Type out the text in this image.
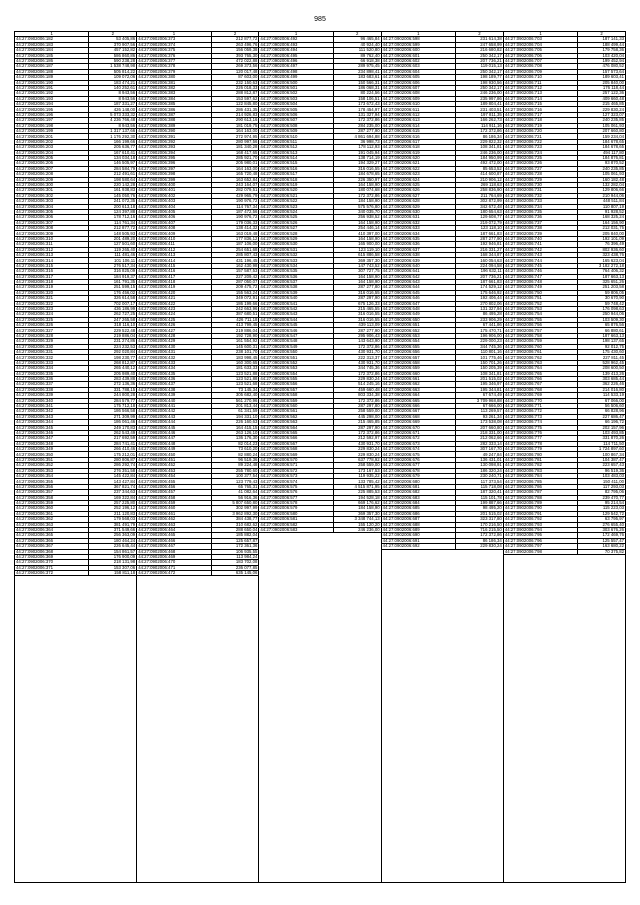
985
1	2
44:27:0902006:182	53 405,86
44:27:0902006:183	370 907,56
44:27:0902006:184	457 152,82
44:27:0902006:185	586 860,86
44:27:0902006:186	590 238,28
44:27:0902006:187	1 538 748,98
44:27:0902006:188	505 814,22
44:27:0902006:189	109 072,06
44:27:0902006:190	183 474,21
44:27:0902006:191	140 252,61
44:27:0902006:192	8 943,56
44:27:0902006:193	8 943,56
44:27:0902006:194	187 331,27
44:27:0902006:195	426 148,00
44:27:0902006:196	5 073 333,32
44:27:0902006:197	4 236 766,48
44:27:0902006:198	8 943,56
44:27:0902006:199	1 317 137,66
44:27:0902006:201	1 176 292,30
44:27:0902006:202	166 199,66
44:27:0902006:203	205 636,77
44:27:0902006:204	167 610,41
44:27:0902006:205	134 034,18
44:27:0902006:206	146 505,97
44:27:0902006:207	284 584,79
44:27:0902006:208	212 491,61
44:27:0902006:209	198 580,64
44:27:0902006:300	220 142,28
44:27:0902006:301	161 938,83
44:27:0902006:302	145 050,76
44:27:0902006:303	241 072,35
44:27:0902006:304	200 613,18
44:27:0902006:305	124 397,88
44:27:0902006:306	178 712,16
44:27:0902006:307	114 761,34
44:27:0902006:308	212 877,72
44:27:0902006:309	148 505,93
44:27:0902006:310	201 489,20
44:27:0902006:311	127 501,60
44:27:0902006:312	119 265,40
44:27:0902006:313	111 481,46
44:27:0902006:314	101 106,11
44:27:0902006:315	276 517,34
44:27:0902006:316	316 825,09
44:27:0902006:317	184 919,37
44:27:0902006:318	161 791,35
44:27:0902006:319	251 599,15
44:27:0902006:320	176 456,02
44:27:0902006:321	326 614,58
44:27:0902006:322	702 007,17
44:27:0902006:323	436 186,99
44:27:0902006:324	262 727,25
44:27:0902006:325	247 265,58
44:27:0902006:326	318 116,10
44:27:0902006:327	229 522,48
44:27:0902006:328	219 886,04
44:27:0902006:329	231 274,86
44:27:0902006:330	224 232,53
44:27:0902006:331	292 020,84
44:27:0902006:332	198 230,77
44:27:0902006:333	268 812,87
44:27:0902006:334	265 440,12
44:27:0902006:335	205 989,40
44:27:0902006:336	283 439,88
44:27:0902006:337	272 136,36
44:27:0902006:338	331 788,15
44:27:0902006:339	244 800,28
44:27:0902006:340	284 579,77
44:27:0902006:341	175 712,18
44:27:0902006:342	186 566,58
44:27:0902006:343	271 309,99
44:27:0902006:344	186 061,46
44:27:0902006:345	249 170,83
44:27:0902006:346	262 543,49
44:27:0902006:347	217 692,59
44:27:0902006:348	284 741,41
44:27:0902006:349	266 410,46
44:27:0902006:350	175 212,01
44:27:0902006:351	280 806,87
44:27:0902006:352	286 292,74
44:27:0902006:353	276 351,58
44:27:0902006:354	145 422,84
44:27:0902006:355	143 427,84
44:27:0902006:356	367 821,74
44:27:0902006:357	237 344,63
44:27:0902006:358	169 322,84
44:27:0902006:359	257 225,80
44:27:0902006:360	252 196,12
44:27:0902006:361	211 120,83
44:27:0902006:362	179 568,03
44:27:0902006:363	381 491,79
44:27:0902006:364	371 549,66
44:27:0902006:365	256 363,09
44:27:0902006:366	180 464,24
44:27:0902006:367	226 645,44
44:27:0902006:368	154 861,57
44:27:0902006:369	176 900,09
44:27:0902006:370	218 131,98
44:27:0902006:371	153 307,06
44:27:0902006:372	158 811,18
1	2
44:27:0902006:373	212 877,72
44:27:0902006:374	263 496,76
44:27:0902006:375	156 059,38
44:27:0902006:376	393 765,30
44:27:0902006:377	472 022,88
44:27:0902006:378	269 373,56
44:27:0902006:379	120 017,48
44:27:0902006:380	87 603,00
44:27:0902006:381	232 150,63
44:27:0902006:382	226 018,33
44:27:0902006:383	288 812,87
44:27:0902006:384	153 597,62
44:27:0902006:385	122 845,80
44:27:0902006:386	286 431,35
44:27:0902006:387	214 926,83
44:27:0902006:388	290 613,16
44:27:0902006:389	181 019,75
44:27:0902006:390	164 163,00
44:27:0902006:391	272 974,95
44:27:0902006:392	280 997,56
44:27:0902006:393	181 340,28
44:27:0902006:394	168 417,65
44:27:0902006:395	285 921,70
44:27:0902006:396	205 980,01
44:27:0902006:397	164 163,00
44:27:0902006:398	165 720,48
44:27:0902006:399	163 652,84
44:27:0902006:400	243 164,07
44:27:0902006:401	282 079,51
44:27:0902006:402	429 965,79
44:27:0902006:403	190 976,72
44:27:0902006:404	114 767,34
44:27:0902006:405	187 472,56
44:27:0902006:406	190 976,72
44:27:0902006:407	179 036,33
44:27:0902006:408	138 414,32
44:27:0902006:409	163 019,48
44:27:0902006:410	177 836,12
44:27:0902006:411	187 106,00
44:27:0902006:412	254 651,68
44:27:0902006:413	285 807,43
44:27:0902006:414	431 196,45
44:27:0902006:415	162 430,98
44:27:0902006:416	157 587,53
44:27:0902006:417	227 209,42
44:27:0902006:418	287 050,07
44:27:0902006:419	209 475,72
44:27:0902006:420	155 563,24
44:27:0902006:421	349 072,91
44:27:0902006:422	186 199,66
44:27:0902006:423	242 663,96
44:27:0902006:424	387 680,51
44:27:0902006:425	426 711,18
44:27:0902006:426	413 799,45
44:27:0902006:427	219 886,04
44:27:0902006:428	192 728,90
44:27:0902006:429	161 554,92
44:27:0902006:430	145 600,31
44:27:0902006:431	238 101,70
44:27:0902006:432	183 998,45
44:27:0902006:433	160 300,65
44:27:0902006:434	181 633,33
44:27:0902006:435	123 521,88
44:27:0902006:436	123 521,88
44:27:0902006:437	123 521,68
44:27:0902006:438	73 145,34
44:27:0902006:439	305 682,40
44:27:0902006:440	561 270,96
44:27:0902006:441	201 813,44
44:27:0902006:442	61 341,59
44:27:0902006:443	194 331,10
44:27:0902006:444	226 160,63
44:27:0902006:445	164 415,15
44:27:0902006:446	263 126,10
44:27:0902006:447	136 176,30
44:27:0902006:448	82 014,23
44:27:0902006:449	73 610,20
44:27:0902006:450	82 880,24
44:27:0902006:451	96 519,36
44:27:0902006:452	89 224,48
44:27:0902006:453	255 780,60
44:27:0902006:454	100 377,54
44:27:0902006:455	123 779,43
44:27:0902006:456	65 765,31
44:27:0902006:457	41 082,64
44:27:0902006:458	56 916,36
44:27:0902006:459	5 807 650,80
44:27:0902006:460	302 997,99
44:27:0902006:461	3 962 892,30
44:27:0902006:462	384 438,77
44:27:0902006:463	310 682,62
44:27:0902006:464	288 650,04
44:27:0902006:465	185 882,04
44:27:0902006:466	125 657,87
44:27:0902006:467	172 361,36
44:27:0902006:468	106 935,55
44:27:0902006:469	113 984,24
44:27:0902006:470	183 702,08
44:27:0902006:471	236 077,85
44:27:0902006:472	635 145,06
1	2
44:27:0902006:492	96 465,84
44:27:0902006:493	40 924,40
44:27:0902006:494	111 520,80
44:27:0902006:495	89 762,40
44:27:0902006:496	66 918,38
44:27:0902006:497	289 975,45
44:27:0902006:498	234 898,41
44:27:0902006:499	183 683,61
44:27:0902006:500	150 566,31
44:27:0902006:501	186 068,31
44:27:0902006:502	80 224,56
44:27:0902006:503	158 106,51
44:27:0902006:504	173 672,43
44:27:0902006:505	178 454,97
44:27:0902006:506	131 327,94
44:27:0902006:507	172 372,86
44:27:0902006:508	284 235,00
44:27:0902006:509	287 277,90
44:27:0902006:510	4 861 694,88
44:27:0902006:511	36 998,73
44:27:0902006:512	178 112,93
44:27:0902006:513	191 045,94
44:27:0902006:514	138 714,19
44:27:0902006:515	194 329,27
44:27:0902006:516	316 016,55
44:27:0902006:517	184 678,65
44:27:0902006:518	226 350,97
44:27:0902006:519	164 158,90
44:27:0902006:520	180 074,68
44:27:0902006:521	172 372,86
44:27:0902006:522	184 158,90
44:27:0902006:523	575 576,80
44:27:0902006:524	340 035,70
44:27:0902006:525	256 938,52
44:27:0902006:526	164 158,90
44:27:0902006:527	254 446,14
44:27:0902006:528	410 397,00
44:27:0902006:529	164 158,90
44:27:0902006:530	165 900,00
44:27:0902006:531	123 119,10
44:27:0902006:532	615 886,58
44:27:0902006:533	369 357,30
44:27:0902006:534	147 743,52
44:27:0902006:535	307 727,75
44:27:0902006:536	164 158,90
44:27:0902006:537	164 158,90
44:27:0902006:538	287 277,80
44:27:0902006:539	316 016,55
44:27:0902006:540	287 297,90
44:27:0902006:541	675 126,33
44:27:0902006:542	215 465,55
44:27:0902006:543	316 016,55
44:27:0902006:544	316 016,55
44:27:0902006:545	439 113,09
44:27:0902006:546	287 277,90
44:27:0902006:547	295 906,43
44:27:0902006:548	143 643,90
44:27:0902006:549	172 372,86
44:27:0902006:550	430 931,70
44:27:0902006:551	222 313,37
44:27:0902006:552	430 931,70
44:27:0902006:553	344 745,36
44:27:0902006:554	172 372,86
44:27:0902006:555	229 830,24
44:27:0902006:556	514 245,16
44:27:0902006:557	459 660,48
44:27:0902006:558	803 334,38
44:27:0902006:559	172 372,86
44:27:0902006:560	287 297,80
44:27:0902006:561	258 559,00
44:27:0902006:562	445 298,00
44:27:0902006:563	215 465,85
44:27:0902006:564	287 297,90
44:27:0902006:565	172 372,86
44:27:0902006:566	212 592,97
44:27:0902006:567	430 931,70
44:27:0902006:568	229 830,24
44:27:0902006:569	229 830,24
44:27:0902006:570	637 778,92
44:27:0902006:571	258 559,00
44:27:0902006:572	173 167,53
44:27:0902006:573	119 935,22
44:27:0902006:574	133 785,42
44:27:0902006:575	4 515 871,95
44:27:0902006:576	225 885,53
44:27:0902006:577	194 528,18
44:27:0902006:578	669 176,62
44:27:0902006:579	184 158,90
44:27:0902006:580	369 357,30
44:27:0902006:581	3 348 744,13
44:27:0902006:582	155 120,20
44:27:0902006:583	246 236,00
1	2
44:27:0902006:598	231 614,38
44:27:0902006:599	247 658,99
44:27:0902006:600	216 680,82
44:27:0902006:601	250 342,17
44:27:0902006:602	207 736,21
44:27:0902006:603	119 015,13
44:27:0902006:604	250 342,17
44:27:0902006:605	198 189,77
44:27:0902006:606	198 930,56
44:27:0902006:607	250 342,17
44:27:0902006:608	246 236,00
44:27:0902006:609	235 997,86
44:27:0902006:610	189 804,41
44:27:0902006:611	231 403,51
44:27:0902006:612	197 811,35
44:27:0902006:613	166 262,73
44:27:0902006:614	114 911,16
44:27:0902006:615	172 372,86
44:27:0902006:616	86 186,34
44:27:0902006:617	229 822,32
44:27:0902006:618	108 341,81
44:27:0902006:619	246 236,00
44:27:0902006:620	184 950,99
44:27:0902006:621	492 472,00
44:27:0902006:622	85 653,52
44:27:0902006:623	414 600,87
44:27:0902006:624	210 906,12
44:27:0902006:625	269 118,63
44:27:0902006:626	258 836,90
44:27:0902006:627	211 764,69
44:27:0902006:628	302 872,99
44:27:0902006:629	342 672,48
44:27:0902006:630	180 654,63
44:27:0902006:631	129 608,77
44:27:0902006:632	219 072,79
44:27:0902006:633	123 118,10
44:27:0902006:634	187 661,83
44:27:0902006:635	287 277,90
44:27:0902006:636	192 946,81
44:27:0902006:637	216 331,27
44:27:0902006:638	168 344,87
44:27:0902006:639	160 054,63
44:27:0902006:640	224 094,58
44:27:0902006:641	196 632,11
44:27:0902006:642	207 736,21
44:27:0902006:643	187 661,83
44:27:0902006:644	174 529,12
44:27:0902006:645	175 646,92
44:27:0902006:646	192 406,44
44:27:0902006:647	270 802,06
44:27:0902006:648	131 327,94
44:27:0902006:649	86 495,28
44:27:0902006:650	233 906,29
44:27:0902006:651	67 441,86
44:27:0902006:652	175 470,71
44:27:0902006:653	196 906,00
44:27:0902006:654	229 000,23
44:27:0902006:655	344 745,36
44:27:0902006:656	110 801,16
44:27:0902006:657	101 775,46
44:27:0902006:658	150 701,26
44:27:0902006:659	150 205,39
44:27:0902006:660	108 341,81
44:27:0902006:661	201 515,02
44:27:0902006:662	195 346,97
44:27:0902006:663	195 344,81
44:27:0902006:664	67 674,49
44:27:0902006:665	3 709 968,88
44:27:0902006:666	67 666,00
44:27:0902006:667	113 269,57
44:27:0902006:668	93 261,34
44:27:0902006:669	173 538,08
44:27:0902006:670	207 660,80
44:27:0902006:671	218 331,00
44:27:0902006:672	212 062,66
44:27:0902006:673	282 333,14
44:27:0902006:674	307 167,70
44:27:0902006:675	49 247,84
44:27:0902006:676	136 431,01
44:27:0902006:677	130 098,91
44:27:0902006:678	186 320,24
44:27:0902006:679	230 240,71
44:27:0902006:680	117 373,54
44:27:0902006:681	115 718,08
44:27:0902006:682	187 320,41
44:27:0902006:683	115 101,78
44:27:0902006:684	199 887,66
44:27:0902006:685	98 495,20
44:27:0902006:686	201 515,02
44:27:0902006:687	323 317,80
44:27:0902006:688	170 216,50
44:27:0902006:689	716 215,50
44:27:0902006:690	172 372,86
44:27:0902006:691	86 186,34
44:27:0902006:692	229 830,24
1	2
44:27:0902006:703	187 141,33
44:27:0902006:704	188 499,44
44:27:0902006:705	179 758,36
44:27:0902006:706	103 420,04
44:27:0902006:707	199 452,94
44:27:0902006:708	476 080,52
44:27:0902006:709	157 573,64
44:27:0902006:710	189 603,41
44:27:0902006:711	205 840,00
44:27:0902006:712	176 118,44
44:27:0902006:713	257 122,36
44:27:0902006:714	409 660,48
44:27:0902006:715	215 465,85
44:27:0902006:716	229 830,24
44:27:0902006:717	127 323,07
44:27:0902006:718	240 235,85
44:27:0902006:719	105 061,93
44:27:0902006:720	207 660,80
44:27:0902006:721	159 234,04
44:27:0902006:722	184 678,65
44:27:0902006:723	184 678,65
44:27:0902006:724	494 117,80
44:27:0902006:725	184 876,81
44:27:0902006:726	93 870,52
44:27:0902006:727	240 235,85
44:27:0902006:728	105 061,93
44:27:0902006:729	160 182,48
44:27:0902006:730	132 282,04
44:27:0902006:731	129 806,66
44:27:0902006:732	210 944,06
44:27:0902006:733	448 511,84
44:27:0902006:734	110 807,19
44:27:0902006:735	91 928,52
44:27:0902006:736	168 325,24
44:27:0902006:737	164 156,90
44:27:0902006:738	212 031,75
44:27:0902006:739	205 840,00
44:27:0902006:740	192 101,09
44:27:0902006:741	76 396,49
44:27:0902006:742	802 936,60
44:27:0902006:743	323 438,76
44:27:0902006:744	165 623,04
44:27:0902006:745	3 182 272,18
44:27:0902006:746	764 406,32
44:27:0902006:747	187 663,13
44:27:0902006:748	325 651,26
44:27:0902006:749	251 203,58
44:27:0902006:750	59 806,05
44:27:0902006:751	30 670,90
44:27:0902006:752	59 748,42
44:27:0902006:753	176 098,63
44:27:0902006:754	250 944,06
44:27:0902006:755	103 509,30
44:27:0902006:756	65 876,56
44:27:0902006:757	66 880,61
44:27:0902006:758	187 663,13
44:27:0902006:759	198 137,65
44:27:0902006:760	92 012,75
44:27:0902006:761	175 430,60
44:27:0902006:762	227 811,45
44:27:0902006:763	528 962,45
44:27:0902006:764	208 600,50
44:27:0902006:765	139 413,26
44:27:0902006:766	303 685,44
44:27:0902006:767	362 226,46
44:27:0902006:768	214 016,80
44:27:0902006:769	114 533,19
44:27:0902006:770	67 066,00
44:27:0902006:771	56 506,60
44:27:0902006:772	66 828,96
44:27:0902006:773	227 686,47
44:27:0902006:774	66 196,72
44:27:0902006:775	202 157,96
44:27:0902006:776	103 493,85
44:27:0902006:777	331 870,26
44:27:0902006:778	114 711,50
44:27:0902006:779	1 724 897,60
44:27:0902006:780	100 867,34
44:27:0902006:781	104 387,47
44:27:0902006:782	223 657,43
44:27:0902006:783	96 519,36
44:27:0902006:784	103 483,03
44:27:0902006:785	150 411,00
44:27:0902006:786	117 293,03
44:27:0902006:787	82 795,06
44:27:0902006:788	239 470,77
44:27:0902006:789	95 214,54
44:27:0902006:790	115 223,03
44:27:0902006:791	129 542,72
44:27:0902006:792	63 795,97
44:27:0902006:793	276 655,40
44:27:0902006:794	303 676,26
44:27:0902006:795	172 469,76
44:27:0902006:796	125 557,47
44:27:0902006:797	163 680,22
44:27:0902006:798	70 375,82
